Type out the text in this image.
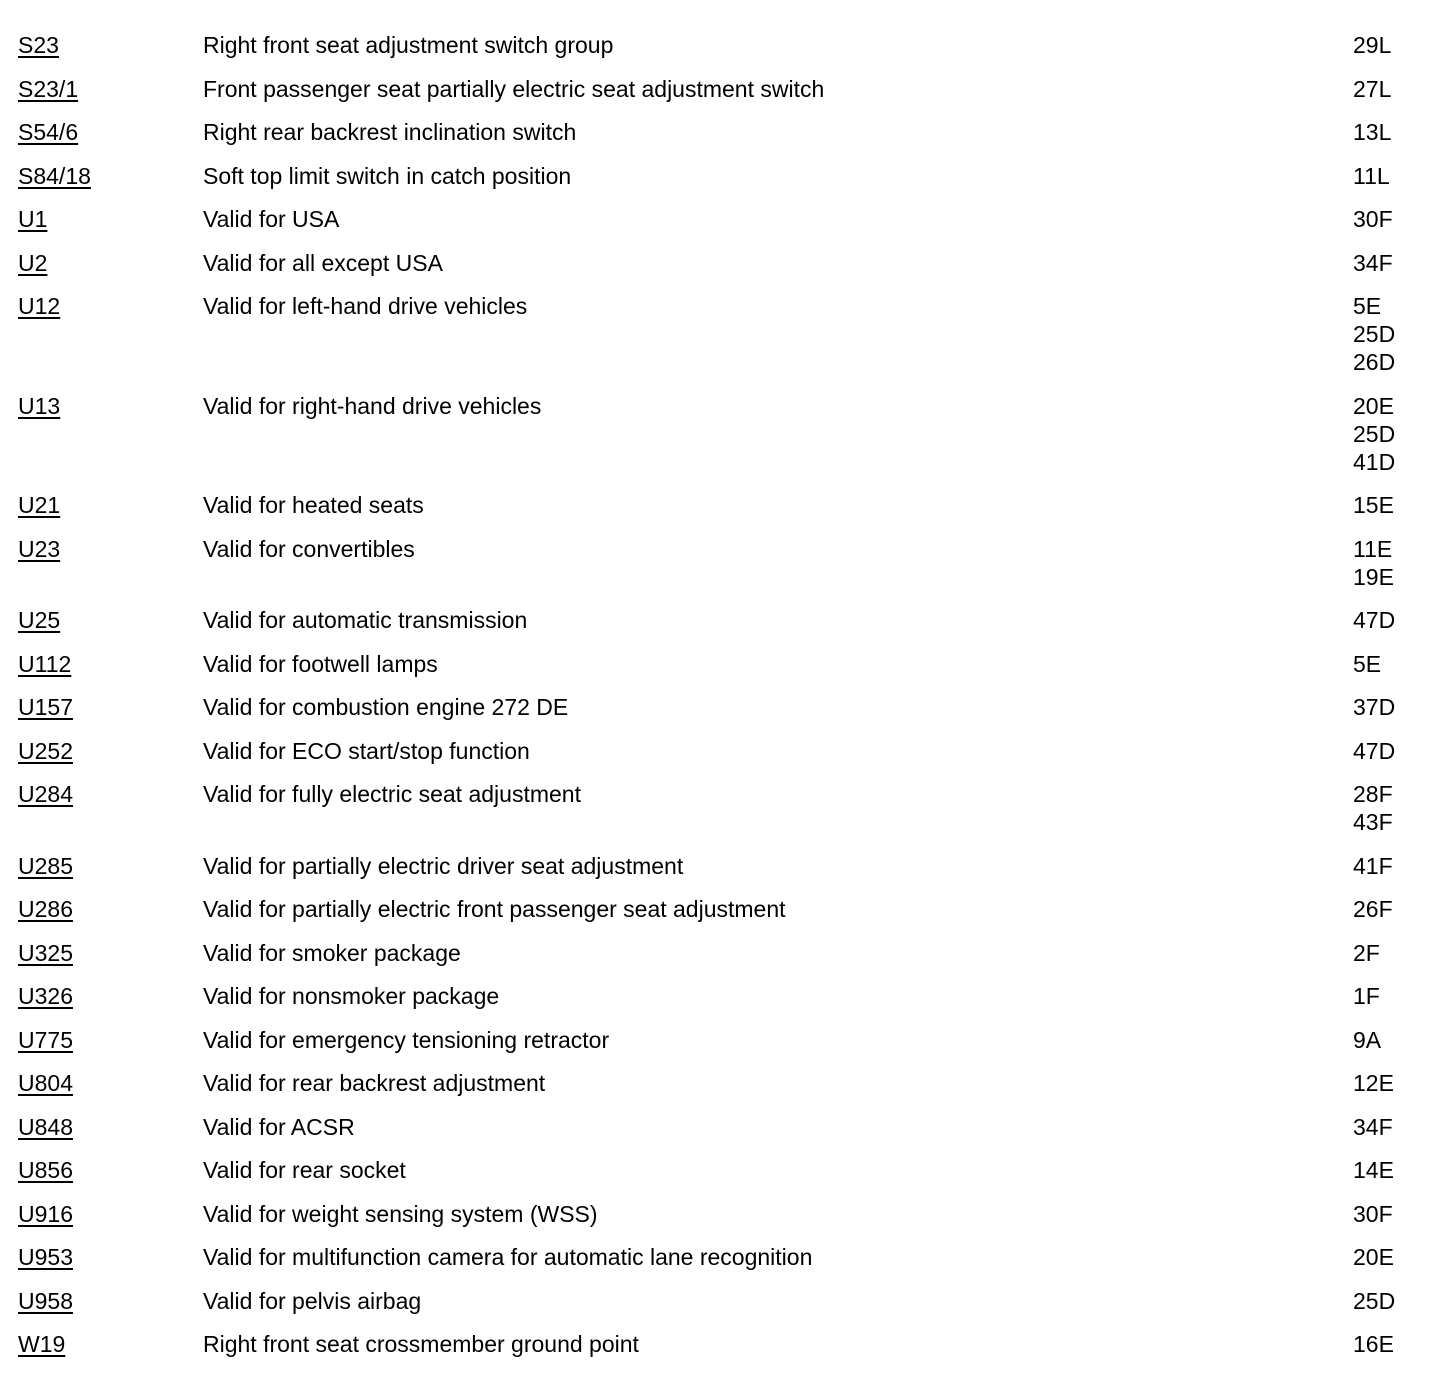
S23	Right front seat adjustment switch group	29L
S23/1	Front passenger seat partially electric seat adjustment switch	27L
S54/6	Right rear backrest inclination switch	13L
S84/18	Soft top limit switch in catch position	11L
U1	Valid for USA	30F
U2	Valid for all except USA	34F
U12	Valid for left-hand drive vehicles	5E
25D
26D
U13	Valid for right-hand drive vehicles	20E
25D
41D
U21	Valid for heated seats	15E
U23	Valid for convertibles	11E
19E
U25	Valid for automatic transmission	47D
U112	Valid for footwell lamps	5E
U157	Valid for combustion engine 272 DE	37D
U252	Valid for ECO start/stop function	47D
U284	Valid for fully electric seat adjustment	28F
43F
U285	Valid for partially electric driver seat adjustment	41F
U286	Valid for partially electric front passenger seat adjustment	26F
U325	Valid for smoker package	2F
U326	Valid for nonsmoker package	1F
U775	Valid for emergency tensioning retractor	9A
U804	Valid for rear backrest adjustment	12E
U848	Valid for ACSR	34F
U856	Valid for rear socket	14E
U916	Valid for weight sensing system (WSS)	30F
U953	Valid for multifunction camera for automatic lane recognition	20E
U958	Valid for pelvis airbag	25D
W19	Right front seat crossmember ground point	16E
